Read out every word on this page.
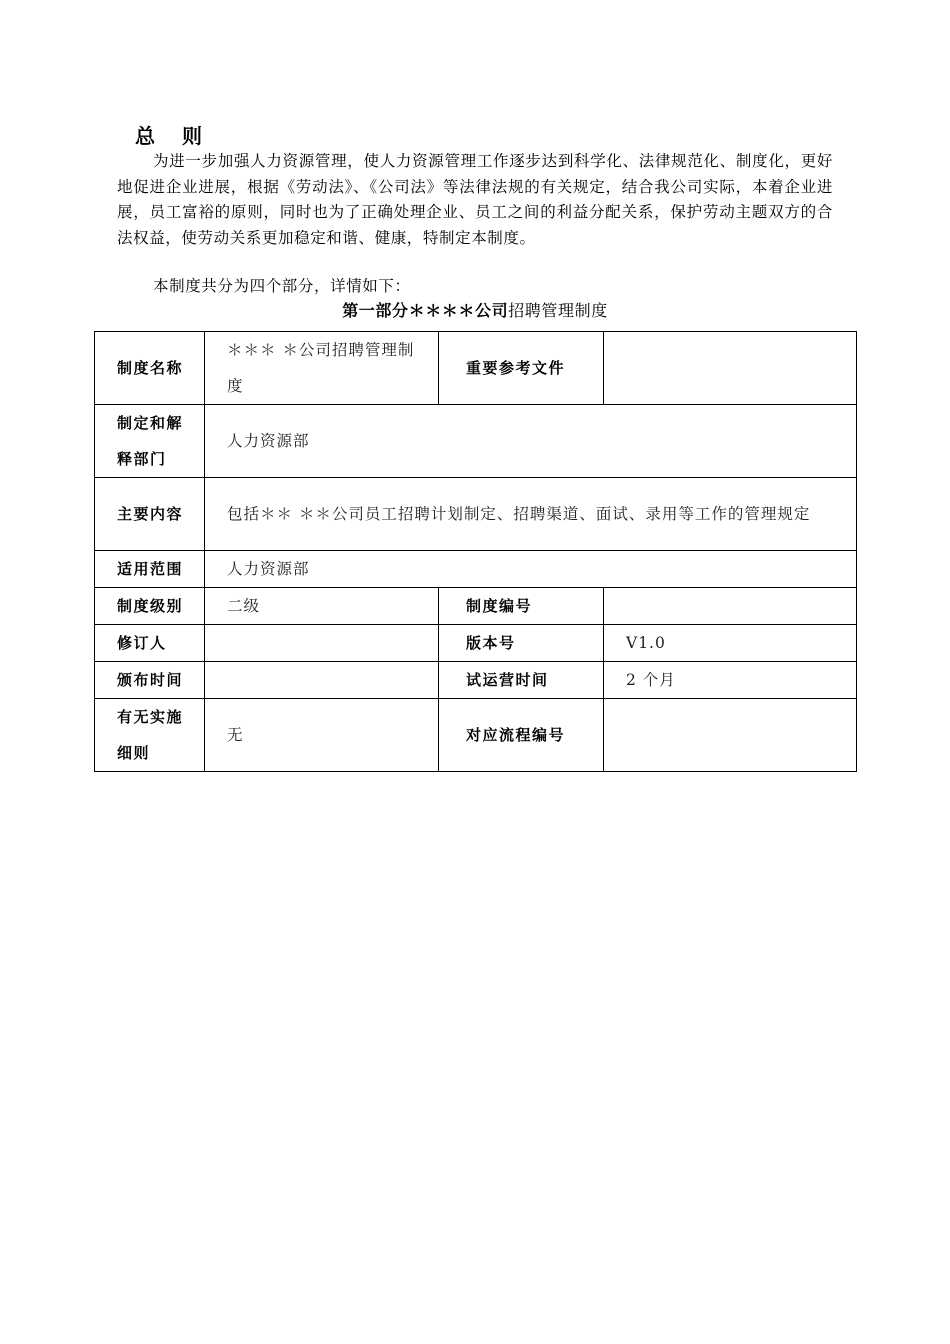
总 则

为进一步加强人力资源管理，使人力资源管理工作逐步达到科学化、法律规范化、制度化，更好地促进企业进展，根据《劳动法》、《公司法》等法律法规的有关规定，结合我公司实际，本着企业进展，员工富裕的原则，同时也为了正确处理企业、员工之间的利益分配关系，保护劳动主题双方的合法权益，使劳动关系更加稳定和谐、健康，特制定本制度。

本制度共分为四个部分，详情如下：
第一部分＊＊＊＊公司招聘管理制度
制度名称	＊＊＊ ＊公司招聘管理制度	重要参考文件	
制定和解释部门	人力资源部		
主要内容	包括＊＊ ＊＊公司员工招聘计划制定、招聘渠道、面试、录用等工作的管理规定		
适用范围	人力资源部		
制度级别	二级	制度编号	
修订人		版本号	V1.0
颁布时间		试运营时间	2 个月
有无实施细则	无	对应流程编号	
